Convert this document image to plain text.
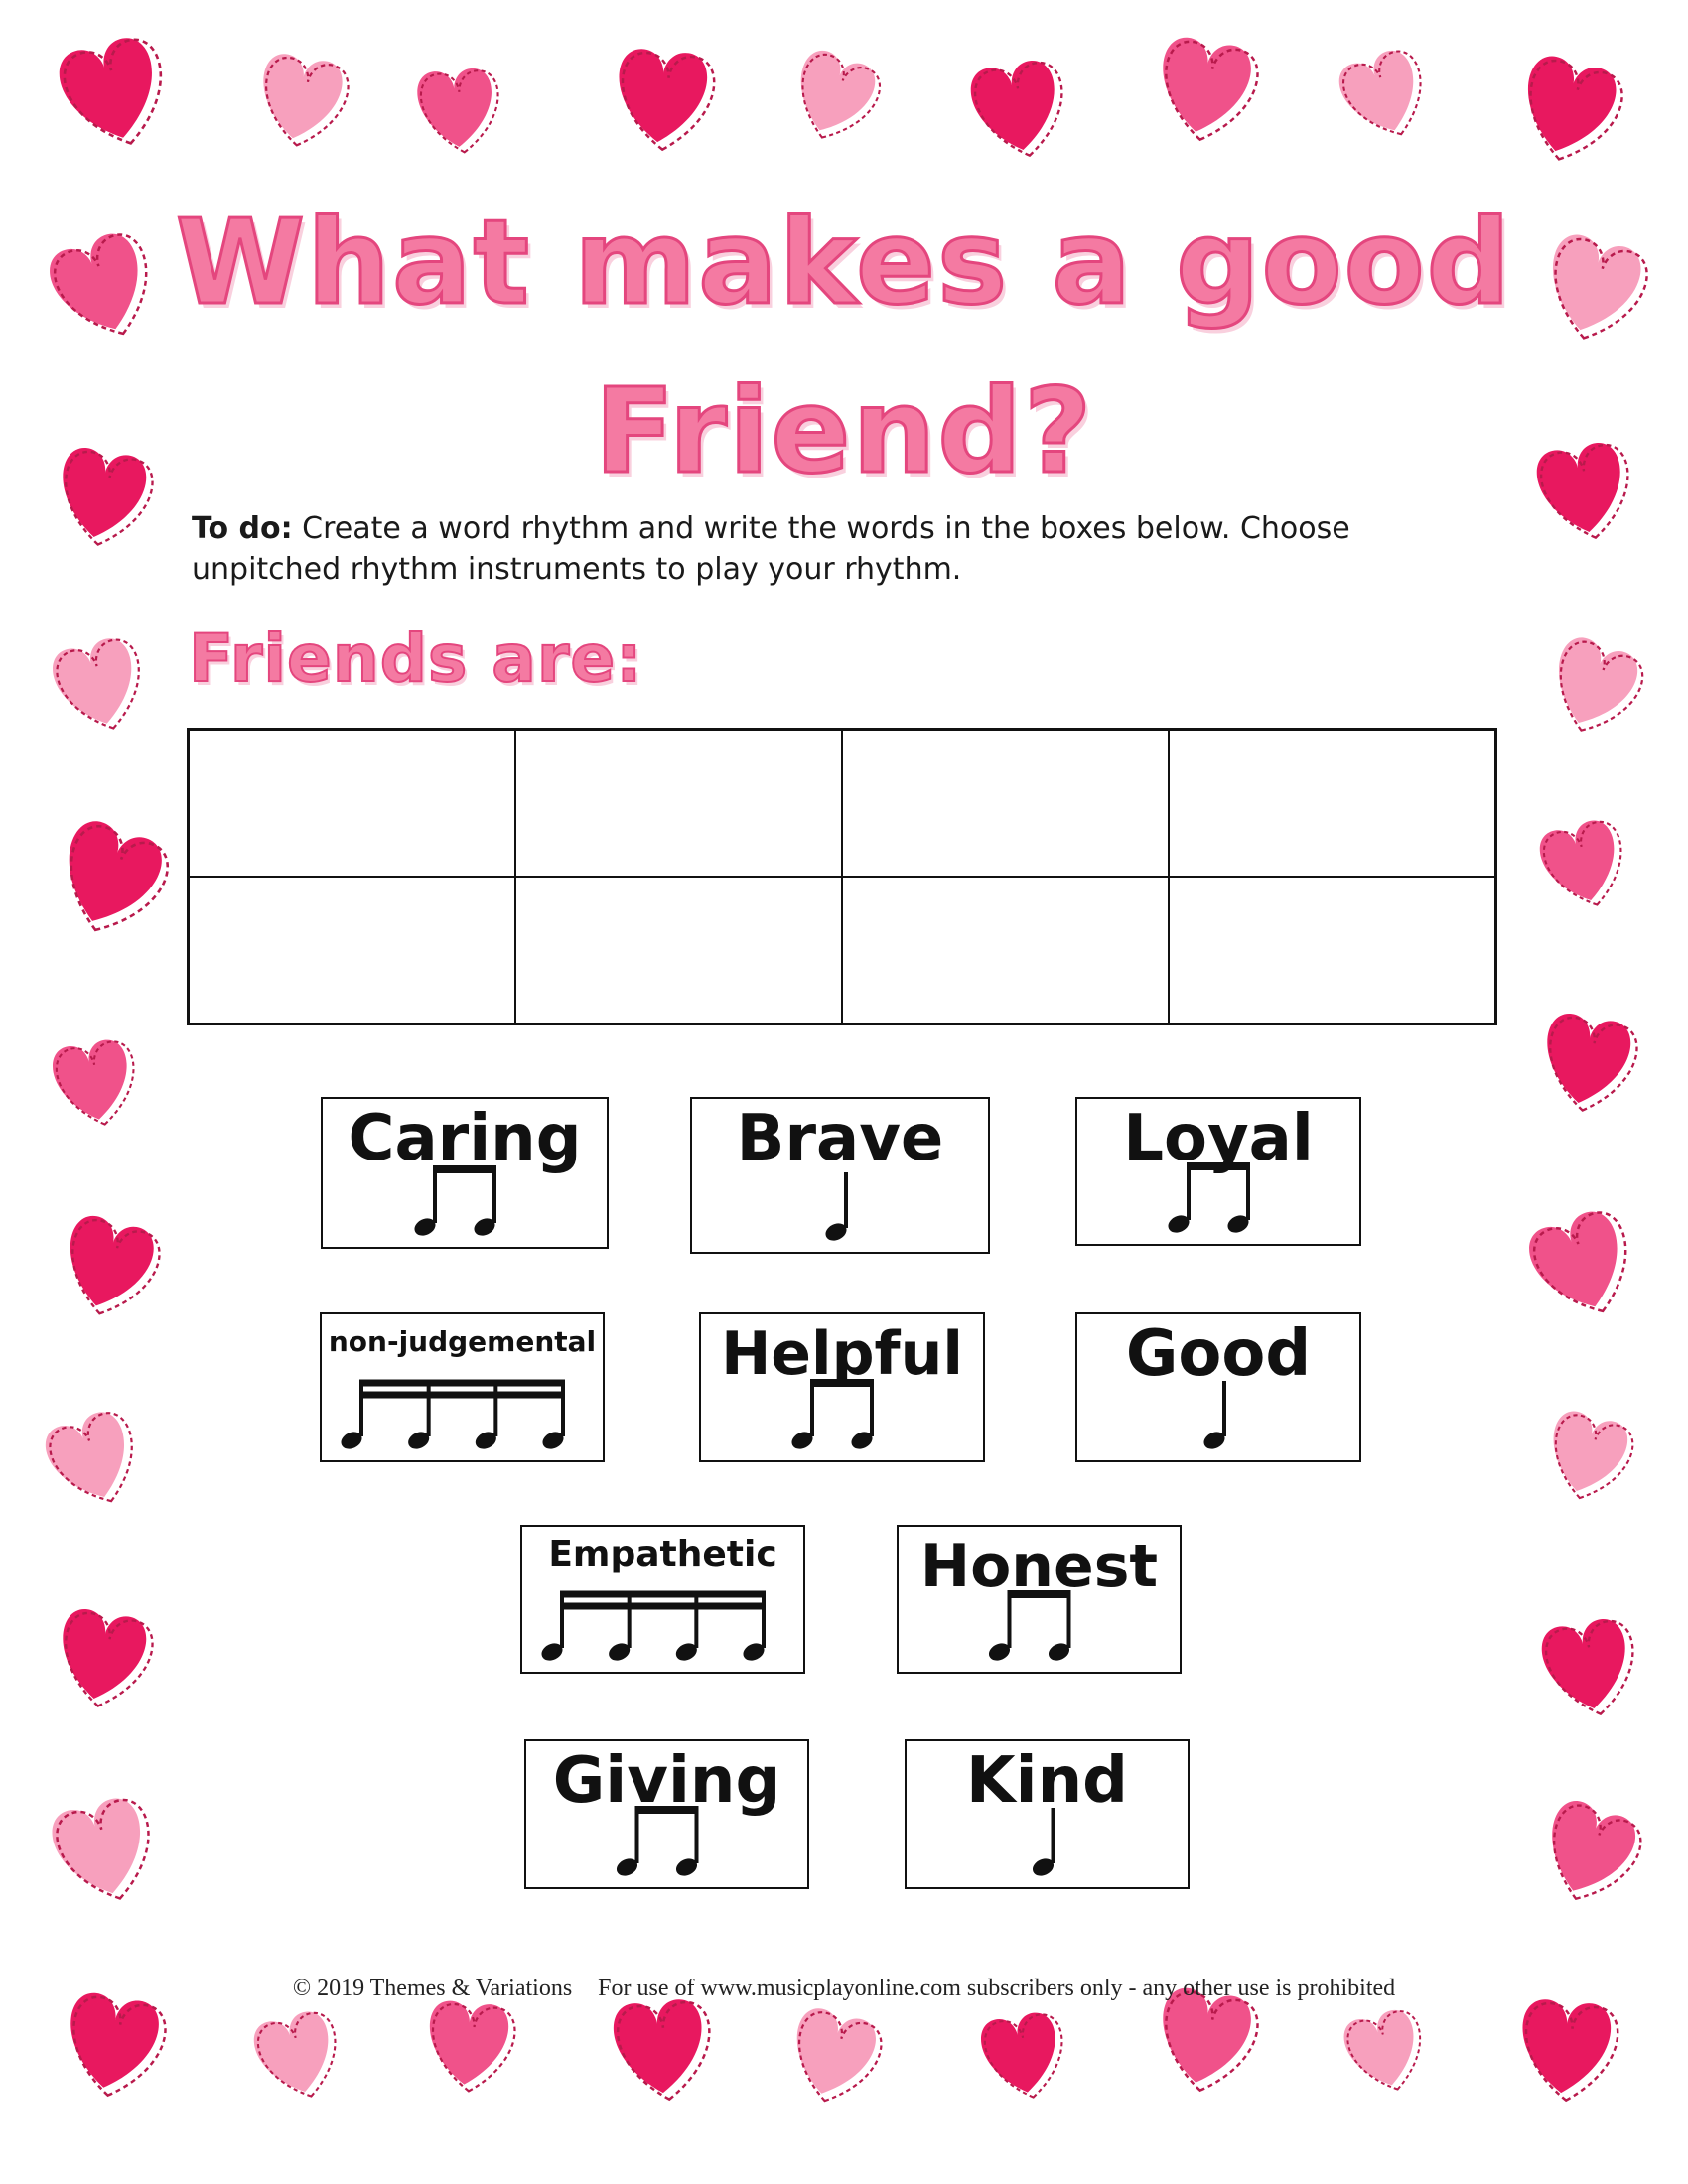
What makes a good
Friend?
To do: Create a word rhythm and write the words in the boxes below. Choose unpitched rhythm instruments to play your rhythm.
Friends are:
Caring	Brave	Loyal
non-judgemental	Helpful	Good
Empathetic	Honest
Giving	Kind
© 2019 Themes & Variations For use of www.musicplayonline.com subscribers only - any other use is prohibited
